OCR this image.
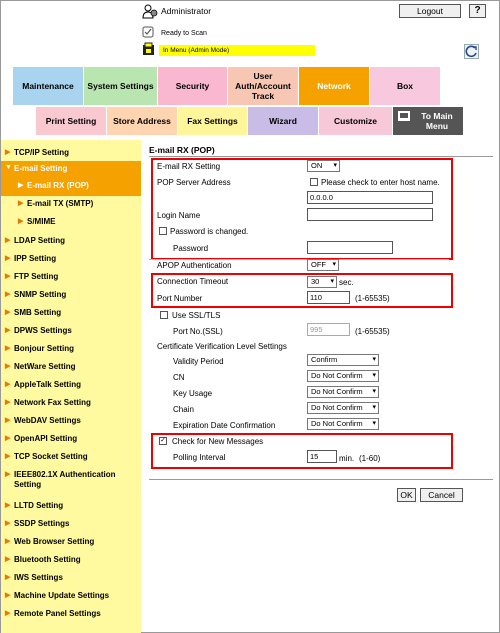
Administrator	Logout	?
Ready to Scan
In Menu (Admin Mode)
Maintenance System Settings	Security
User Auth/Account Track
Network	Box
Print Setting Store Address Fax Settings	Wizard	Customize	To Main Menu
▶ TCP/IP Setting
▼ E-mail Setting
▶ E-mail RX (POP)
▶ E-mail TX (SMTP)
▶ S/MIME
▶ LDAP Setting
▶ IPP Setting
▶ FTP Setting
▶ SNMP Setting
▶ SMB Setting
▶ DPWS Settings
▶ Bonjour Setting
▶ NetWare Setting
▶ AppleTalk Setting
▶ Network Fax Setting
▶ WebDAV Settings
▶ OpenAPI Setting
▶ TCP Socket Setting
▶ IEEE802.1X Authentication Setting
▶ LLTD Setting
▶ SSDP Settings
▶ Web Browser Setting
▶ Bluetooth Setting
▶ IWS Settings
▶ Machine Update Settings
▶ Remote Panel Settings
E-mail RX (POP)
E-mail RX Setting	ON ▾
POP Server Address	Please check to enter host name.
0.0.0.0
Login Name
Password is changed.
Password
APOP Authentication	OFF ▾
Connection Timeout	30 ▾	sec.
Port Number	110	(1-65535)
Use SSL/TLS
Port No.(SSL)	995	(1-65535)
Certificate Verification Level Settings
Validity Period	Confirm ▾
CN	Do Not Confirm ▾
Key Usage	Do Not Confirm ▾
Chain	Do Not Confirm ▾
Expiration Date Confirmation	Do Not Confirm ▾
✓ Check for New Messages
Polling Interval	15	min. (1-60)
OK	Cancel
